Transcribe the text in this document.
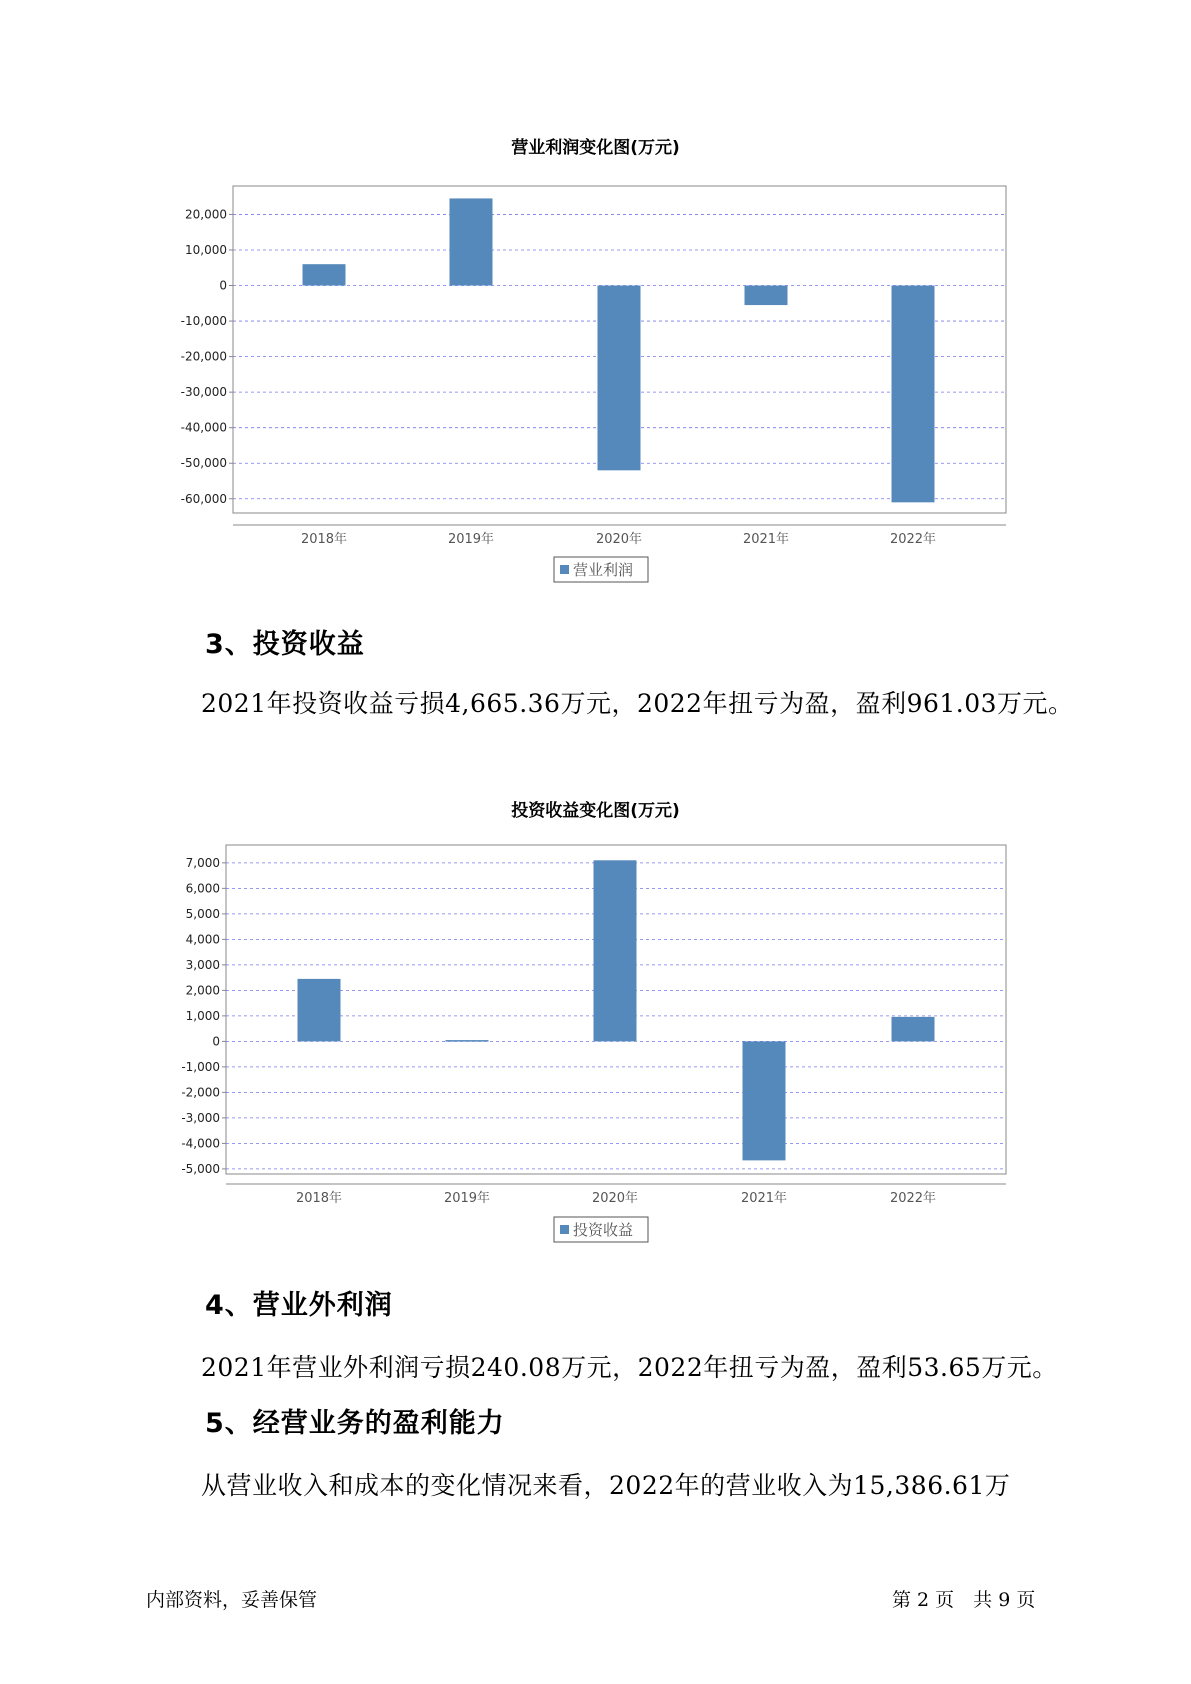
营业利润变化图(万元)
20,000
10,000
0
-10,000
-20,000
-30,000
-40,000
-50,000
-60,000
2018年	2019年	2020年	2021年	2022年
营业利润
3、投资收益
2021年投资收益亏损4,665.36万元，2022年扭亏为盈，盈利961.03万元。
投资收益变化图(万元)
7,000
6,000
5,000
4,000
3,000
2,000
1,000
0
-1,000
-2,000
-3,000
-4,000
-5,000
2018年	2019年	2020年	2021年	2022年
投资收益
4、营业外利润
2021年营业外利润亏损240.08万元，2022年扭亏为盈，盈利53.65万元。
5、经营业务的盈利能力
从营业收入和成本的变化情况来看，2022年的营业收入为15,386.61万
内部资料，妥善保管	第 2 页　共 9 页
